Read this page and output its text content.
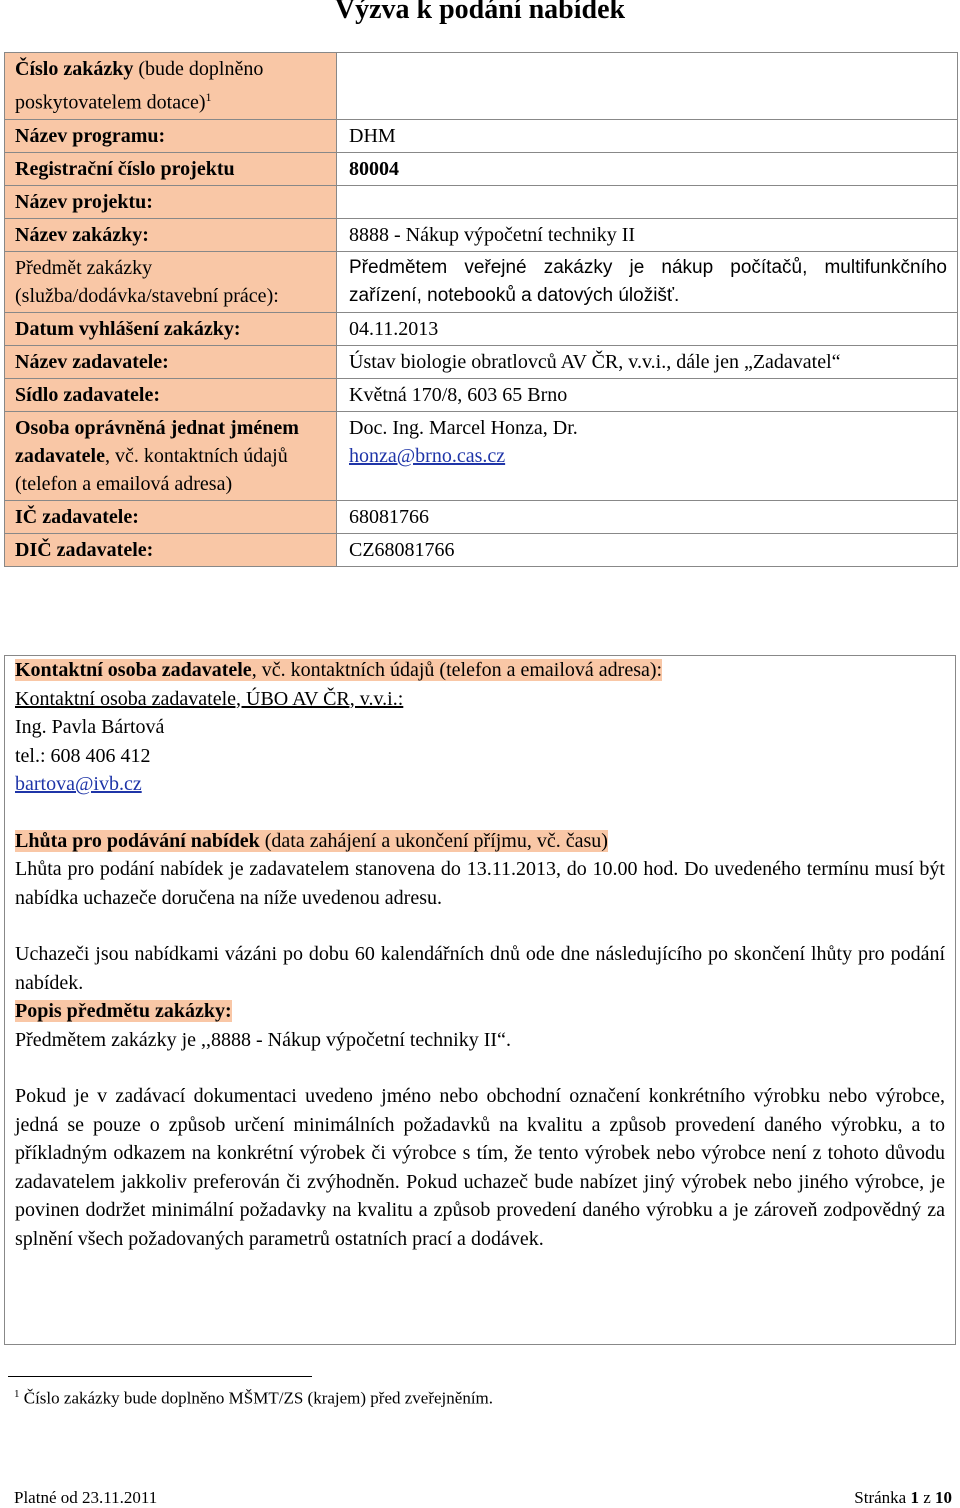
Výzva k podání nabídek
Číslo zakázky (bude doplněno poskytovatelem dotace)$^1$	
Název programu:	DHM
Registrační číslo projektu	80004
Název projektu:	
Název zakázky:	8888 - Nákup výpočetní techniky II
Předmět zakázky (služba/dodávka/stavební práce):	Předmětem veřejné zakázky je nákup počítačů, multifunkčního zařízení, notebooků a datových úložišť.
Datum vyhlášení zakázky:	04.11.2013
Název zadavatele:	Ústav biologie obratlovců AV ČR, v.v.i., dále jen „Zadavatel“
Sídlo zadavatele:	Květná 170/8, 603 65 Brno
Osoba oprávněná jednat jménem zadavatele, vč. kontaktních údajů (telefon a emailová adresa)	Doc. Ing. Marcel Honza, Dr.
honza@brno.cas.cz

IČ zadavatele:	68081766
DIČ zadavatele:	CZ68081766

Kontaktní osoba zadavatele, vč. kontaktních údajů (telefon a emailová adresa):

Kontaktní osoba zadavatele, ÚBO AV ČR, v.v.i.:

Ing. Pavla Bártová

tel.: 608 406 412

bartova@ivb.cz

Lhůta pro podávání nabídek (data zahájení a ukončení příjmu, vč. času)

Lhůta pro podání nabídek je zadavatelem stanovena do 13.11.2013, do 10.00 hod. Do uvedeného termínu musí být nabídka uchazeče doručena na níže uvedenou adresu.

Uchazeči jsou nabídkami vázáni po dobu 60 kalendářních dnů ode dne následujícího po skončení lhůty pro podání nabídek.

Popis předmětu zakázky:

Předmětem zakázky je ,,8888 - Nákup výpočetní techniky II“.

Pokud je v zadávací dokumentaci uvedeno jméno nebo obchodní označení konkrétního výrobku nebo výrobce, jedná se pouze o způsob určení minimálních požadavků na kvalitu a způsob provedení daného výrobku, a to příkladným odkazem na konkrétní výrobek či výrobce s tím, že tento výrobek nebo výrobce není z tohoto důvodu zadavatelem jakkoliv preferován či zvýhodněn. Pokud uchazeč bude nabízet jiný výrobek nebo jiného výrobce, je povinen dodržet minimální požadavky na kvalitu a způsob provedení daného výrobku a je zároveň zodpovědný za splnění všech požadovaných parametrů ostatních prací a dodávek.

$^1$ Číslo zakázky bude doplněno MŠMT/ZS (krajem) před zveřejněním.
Platné od 23.11.2011	Stránka 1 z 10
